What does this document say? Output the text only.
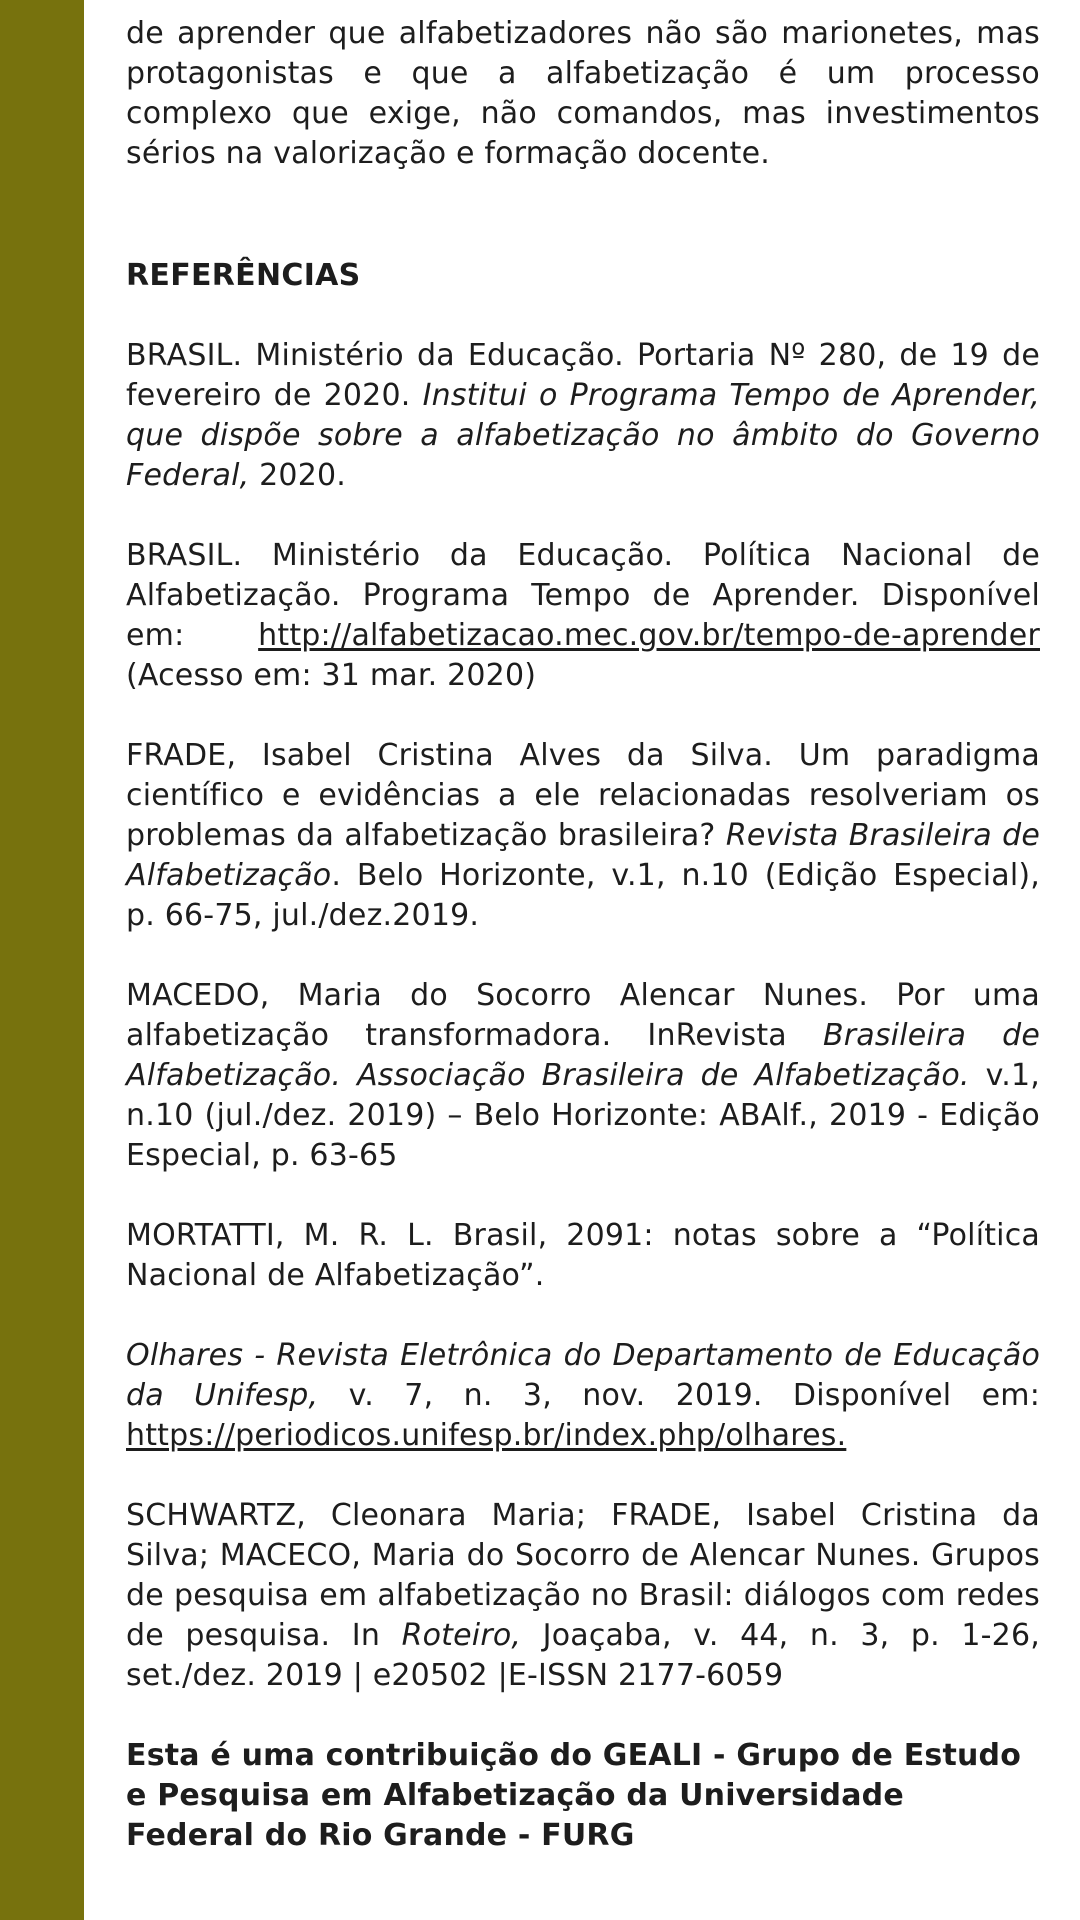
de aprender que alfabetizadores não são marionetes, mas protagonistas e que a alfabetização é um processo complexo que exige, não comandos, mas investimentos sérios na valorização e formação docente.

REFERÊNCIAS

BRASIL. Ministério da Educação. Portaria Nº 280, de 19 de fevereiro de 2020. Institui o Programa Tempo de Aprender, que dispõe sobre a alfabetização no âmbito do Governo Federal, 2020.

BRASIL. Ministério da Educação. Política Nacional de Alfabetização. Programa Tempo de Aprender. Disponível em: http://alfabetizacao.mec.gov.br/tempo-de-aprender (Acesso em: 31 mar. 2020)

FRADE, Isabel Cristina Alves da Silva. Um paradigma científico e evidências a ele relacionadas resolveriam os problemas da alfabetização brasileira? Revista Brasileira de Alfabetização. Belo Horizonte, v.1, n.10 (Edição Especial), p. 66-75, jul./dez.2019.

MACEDO, Maria do Socorro Alencar Nunes. Por uma alfabetização transformadora. InRevista Brasileira de Alfabetização. Associação Brasileira de Alfabetização. v.1, n.10 (jul./dez. 2019) – Belo Horizonte: ABAlf., 2019 - Edição Especial, p. 63-65

MORTATTI, M. R. L. Brasil, 2091: notas sobre a “Política Nacional de Alfabetização”.

Olhares - Revista Eletrônica do Departamento de Educação da Unifesp, v. 7, n. 3, nov. 2019. Disponível em: https://periodicos.unifesp.br/index.php/olhares.

SCHWARTZ, Cleonara Maria; FRADE, Isabel Cristina da Silva; MACECO, Maria do Socorro de Alencar Nunes. Grupos de pesquisa em alfabetização no Brasil: diálogos com redes de pesquisa. In Roteiro, Joaçaba, v. 44, n. 3, p. 1-26, set./dez. 2019 | e20502 |E-ISSN 2177-6059

Esta é uma contribuição do GEALI - Grupo de Estudo e Pesquisa em Alfabetização da Universidade Federal do Rio Grande - FURG
